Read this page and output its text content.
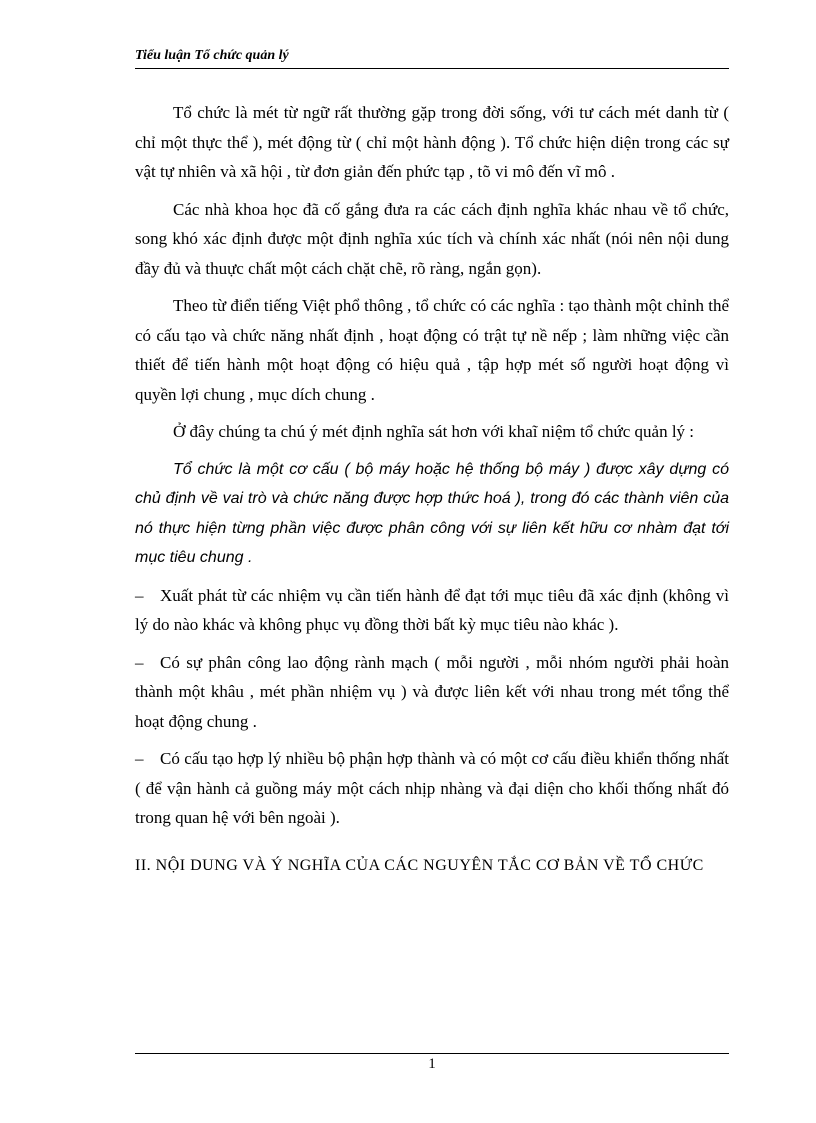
Tiểu luận Tổ chức quản lý

Tổ chức là mét từ ngữ rất thường gặp trong đời sống, với tư cách mét danh từ ( chỉ một thực thể ), mét động từ ( chỉ một hành động ). Tổ chức hiện diện trong các sự vật tự nhiên và xã hội , từ đơn giản đến phức tạp , tõ vi mô đến vĩ mô .

Các nhà khoa học đã cố gắng đưa ra các cách định nghĩa khác nhau về tổ chức, song khó xác định được một định nghĩa xúc tích và chính xác nhất (nói nên nội dung đầy đủ và thuực chất một cách chặt chẽ, rõ ràng, ngắn gọn).

Theo từ điển tiếng Việt phổ thông , tổ chức có các nghĩa : tạo thành một chỉnh thể có cấu tạo và chức năng nhất định , hoạt động có trật tự nề nếp ; làm những việc cần thiết để tiến hành một hoạt động có hiệu quả , tập hợp mét số người hoạt động vì quyền lợi chung , mục dích chung .

Ở đây chúng ta chú ý mét định nghĩa sát hơn với khaĩ niệm tổ chức quản lý :

Tổ chức là một cơ cấu ( bộ máy hoặc hệ thống bộ máy ) được xây dựng có chủ định về vai trò và chức năng được hợp thức hoá ), trong đó các thành viên của nó thực hiện từng phần việc được phân công với sự liên kết hữu cơ nhàm đạt tới mục tiêu chung .

– Xuất phát từ các nhiệm vụ cần tiến hành để đạt tới mục tiêu đã xác định (không vì lý do nào khác và không phục vụ đồng thời bất kỳ mục tiêu nào khác ).

– Có sự phân công lao động rành mạch ( mỗi người , mỗi nhóm người phải hoàn thành một khâu , mét phần nhiệm vụ ) và được liên kết với nhau trong mét tổng thể hoạt động chung .

– Có cấu tạo hợp lý nhiều bộ phận hợp thành và có một cơ cấu điều khiển thống nhất ( để vận hành cả guồng máy một cách nhịp nhàng và đại diện cho khối thống nhất đó trong quan hệ với bên ngoài ).

II. NỘI DUNG VÀ Ý NGHĨA CỦA CÁC NGUYÊN TẮC CƠ BẢN VỀ TỔ CHỨC

1
